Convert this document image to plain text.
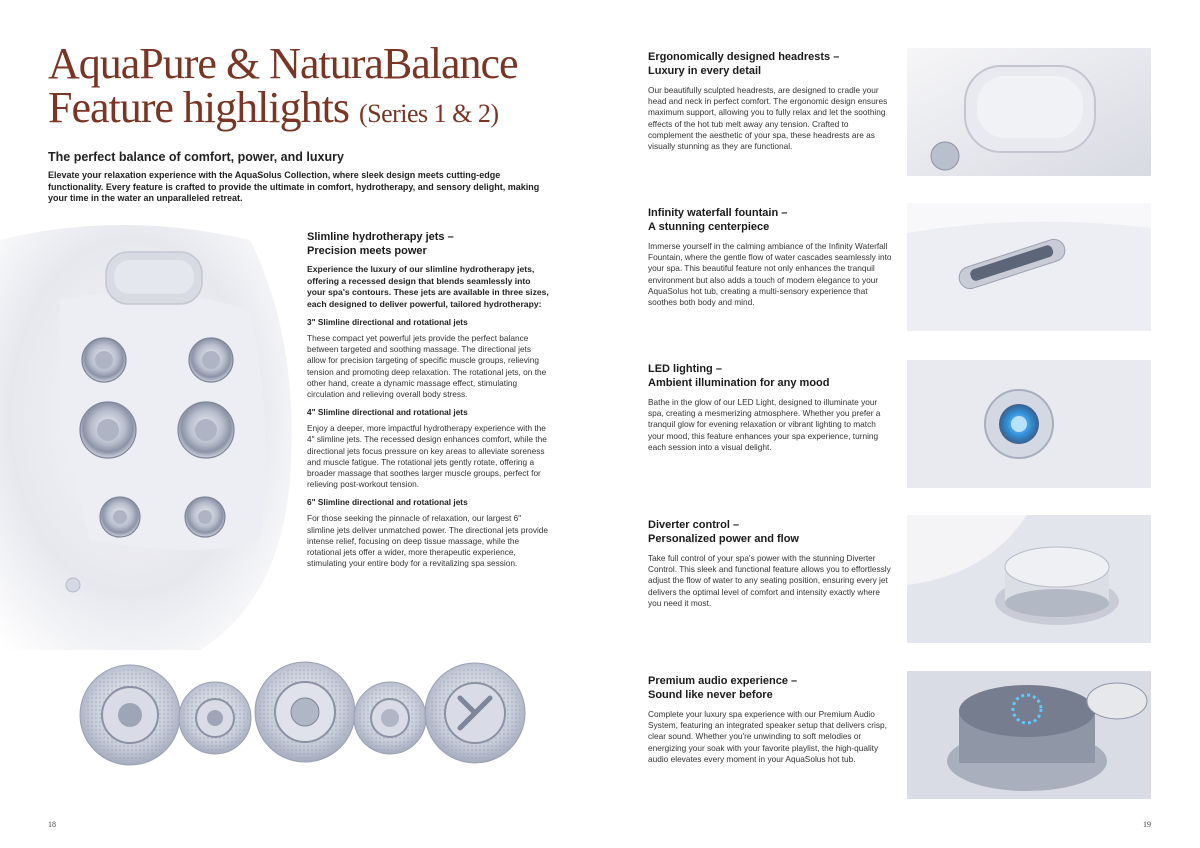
AquaPure & NaturaBalance
Feature highlights (Series 1 & 2)
The perfect balance of comfort, power, and luxury
Elevate your relaxation experience with the AquaSolus Collection, where sleek design meets cutting-edge functionality. Every feature is crafted to provide the ultimate in comfort, hydrotherapy, and sensory delight, making your time in the water an unparalleled retreat.
Slimline hydrotherapy jets –
Precision meets power
Experience the luxury of our slimline hydrotherapy jets, offering a recessed design that blends seamlessly into your spa's contours. These jets are available in three sizes, each designed to deliver powerful, tailored hydrotherapy:
3" Slimline directional and rotational jets
These compact yet powerful jets provide the perfect balance between targeted and soothing massage. The directional jets allow for precision targeting of specific muscle groups, relieving tension and promoting deep relaxation. The rotational jets, on the other hand, create a dynamic massage effect, stimulating circulation and relieving overall body stress.
4" Slimline directional and rotational jets
Enjoy a deeper, more impactful hydrotherapy experience with the 4" slimline jets. The recessed design enhances comfort, while the directional jets focus pressure on key areas to alleviate soreness and muscle fatigue. The rotational jets gently rotate, offering a broader massage that soothes larger muscle groups, perfect for relieving post-workout tension.
6" Slimline directional and rotational jets
For those seeking the pinnacle of relaxation, our largest 6" slimline jets deliver unmatched power. The directional jets provide intense relief, focusing on deep tissue massage, while the rotational jets offer a wider, more therapeutic experience, stimulating your entire body for a revitalizing spa session.
Ergonomically designed headrests –
Luxury in every detail
Our beautifully sculpted headrests, are designed to cradle your head and neck in perfect comfort. The ergonomic design ensures maximum support, allowing you to fully relax and let the soothing effects of the hot tub melt away any tension. Crafted to complement the aesthetic of your spa, these headrests are as visually stunning as they are functional.
Infinity waterfall fountain –
A stunning centerpiece
Immerse yourself in the calming ambiance of the Infinity Waterfall Fountain, where the gentle flow of water cascades seamlessly into your spa. This beautiful feature not only enhances the tranquil environment but also adds a touch of modern elegance to your AquaSolus hot tub, creating a multi-sensory experience that soothes both body and mind.
LED lighting –
Ambient illumination for any mood
Bathe in the glow of our LED Light, designed to illuminate your spa, creating a mesmerizing atmosphere. Whether you prefer a tranquil glow for evening relaxation or vibrant lighting to match your mood, this feature enhances your spa experience, turning each session into a visual delight.
Diverter control –
Personalized power and flow
Take full control of your spa's power with the stunning Diverter Control. This sleek and functional feature allows you to effortlessly adjust the flow of water to any seating position, ensuring every jet delivers the optimal level of comfort and intensity exactly where you need it most.
Premium audio experience –
Sound like never before
Complete your luxury spa experience with our Premium Audio System, featuring an integrated speaker setup that delivers crisp, clear sound. Whether you're unwinding to soft melodies or energizing your soak with your favorite playlist, the high-quality audio elevates every moment in your AquaSolus hot tub.
18	19
